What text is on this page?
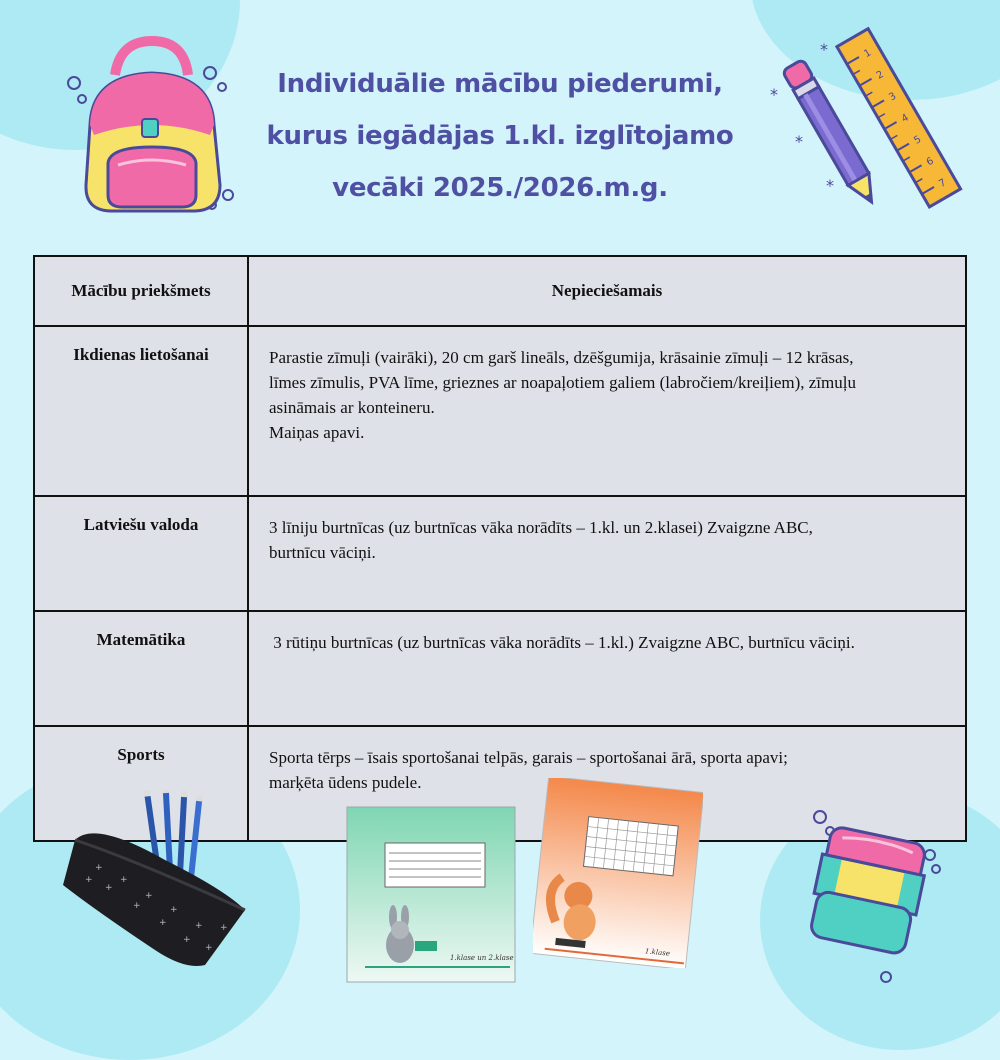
Individuālie mācību piederumi,
kurus iegādājas 1.kl. izglītojamo
vecāki 2025./2026.m.g.
*
*
*
*
1
2
3
4
5
6
7
Mācību priekšmets	Nepieciešamais
Ikdienas lietošanai	Parastie zīmuļi (vairāki), 20 cm garš lineāls, dzēšgumija, krāsainie zīmuļi – 12 krāsas,
līmes zīmulis, PVA līme, grieznes ar noapaļotiem galiem (labročiem/kreiļiem), zīmuļu
asināmais ar konteineru.
Maiņas apavi.

Latviešu valoda	3 līniju burtnīcas (uz burtnīcas vāka norādīts – 1.kl. un 2.klasei) Zvaigzne ABC,
burtnīcu vāciņi.

Matemātika	3 rūtiņu burtnīcas (uz burtnīcas vāka norādīts – 1.kl.) Zvaigzne ABC, burtnīcu vāciņi.

Sports	Sporta tērps – īsais sportošanai telpās, garais – sportošanai ārā, sporta apavi;
marķēta ūdens pudele.
+
+
+
+
+
+
+
+
+
+
+
+
1.klase un 2.klase
1.klase
